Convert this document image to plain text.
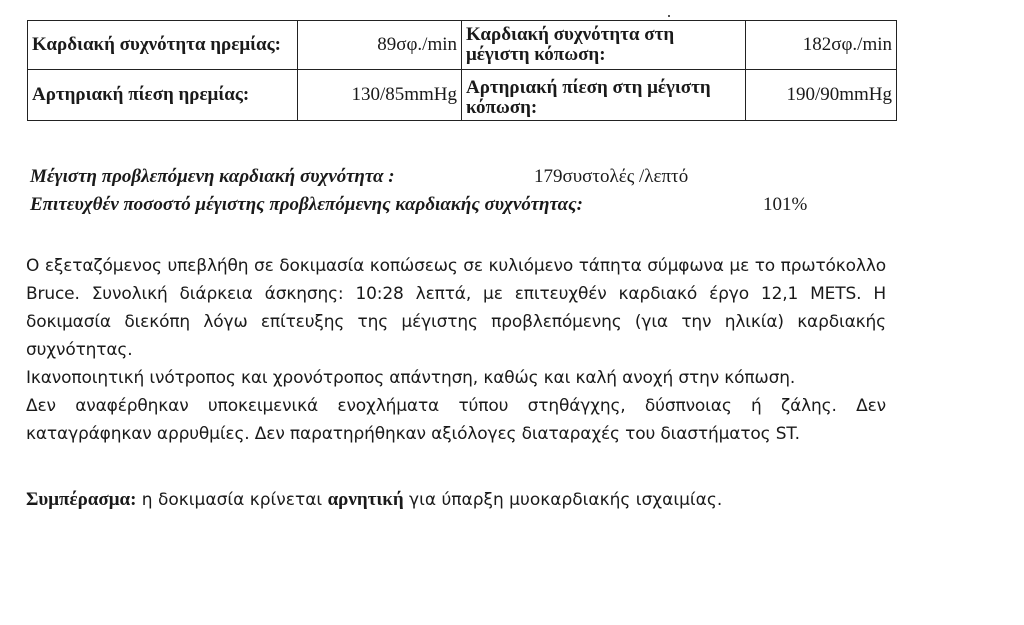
Καρδιακή συχνότητα ηρεμίας:	89σφ./min	Καρδιακή συχνότητα στη μέγιστη κόπωση:	182σφ./min
Αρτηριακή πίεση ηρεμίας:	130/85mmHg	Αρτηριακή πίεση στη μέγιστη κόπωση:	190/90mmHg
Μέγιστη προβλεπόμενη καρδιακή συχνότητα :	179συστολές /λεπτό
Επιτευχθέν ποσοστό μέγιστης προβλεπόμενης καρδιακής συχνότητας:	101%

Ο εξεταζόμενος υπεβλήθη σε δοκιμασία κοπώσεως σε κυλιόμενο τάπητα σύμφωνα με το πρωτόκολλο Bruce. Συνολική διάρκεια άσκησης: 10:28 λεπτά, με επιτευχθέν καρδιακό έργο 12,1 METS. Η δοκιμασία διεκόπη λόγω επίτευξης της μέγιστης προβλεπόμενης (για την ηλικία) καρδιακής συχνότητας.

Ικανοποιητική ινότροπος και χρονότροπος απάντηση, καθώς και καλή ανοχή στην κόπωση.

Δεν αναφέρθηκαν υποκειμενικά ενοχλήματα τύπου στηθάγχης, δύσπνοιας ή ζάλης. Δεν καταγράφηκαν αρρυθμίες. Δεν παρατηρήθηκαν αξιόλογες διαταραχές του διαστήματος ST.

Συμπέρασμα: η δοκιμασία κρίνεται αρνητική για ύπαρξη μυοκαρδιακής ισχαιμίας.
